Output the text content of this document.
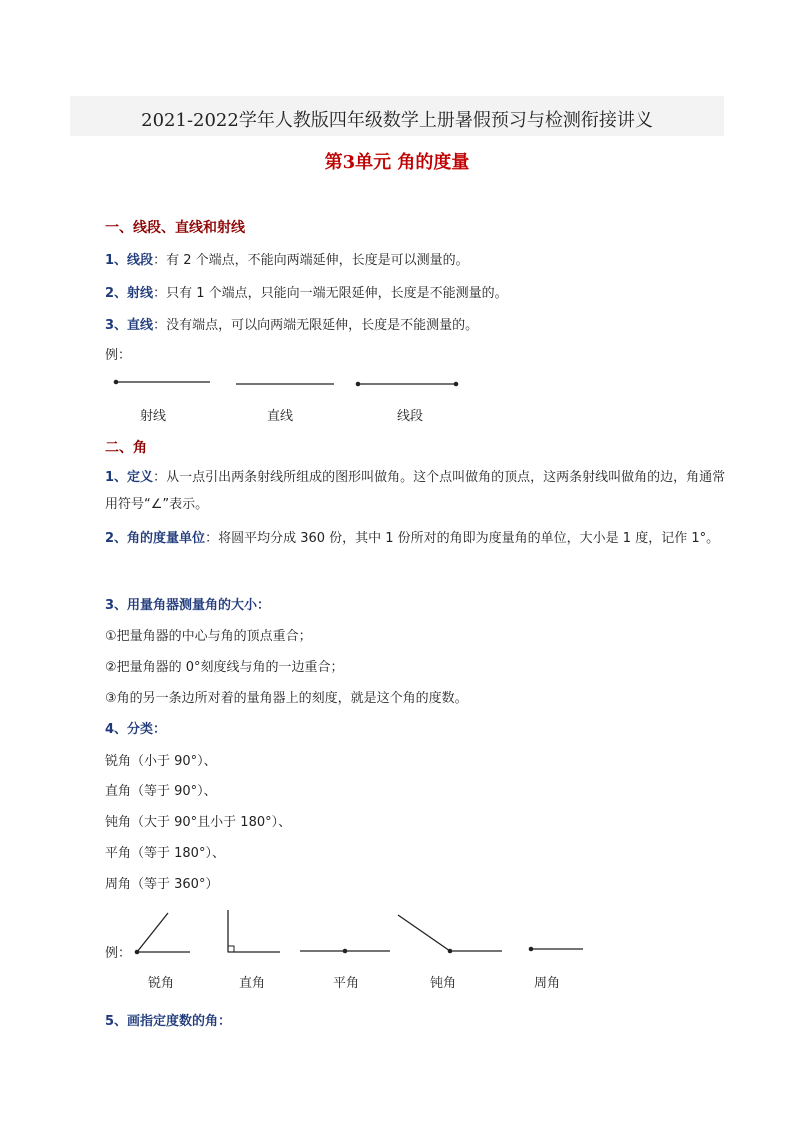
2021-2022学年人教版四年级数学上册暑假预习与检测衔接讲义
第3单元 角的度量
一、线段、直线和射线
1、线段：有 2 个端点，不能向两端延伸，长度是可以测量的。
2、射线：只有 1 个端点，只能向一端无限延伸，长度是不能测量的。
3、直线：没有端点，可以向两端无限延伸，长度是不能测量的。
例：
射线	直线	线段
二、角
1、定义：从一点引出两条射线所组成的图形叫做角。这个点叫做角的顶点，这两条射线叫做角的边，角通常用符号“∠”表示。
2、角的度量单位：将圆平均分成 360 份，其中 1 份所对的角即为度量角的单位，大小是 1 度，记作 1°。
3、用量角器测量角的大小：
①把量角器的中心与角的顶点重合；
②把量角器的 0°刻度线与角的一边重合；
③角的另一条边所对着的量角器上的刻度，就是这个角的度数。
4、分类：
锐角（小于 90°）、
直角（等于 90°）、
钝角（大于 90°且小于 180°）、
平角（等于 180°）、
周角（等于 360°）
例：
锐角	直角	平角	钝角	周角
5、画指定度数的角：
